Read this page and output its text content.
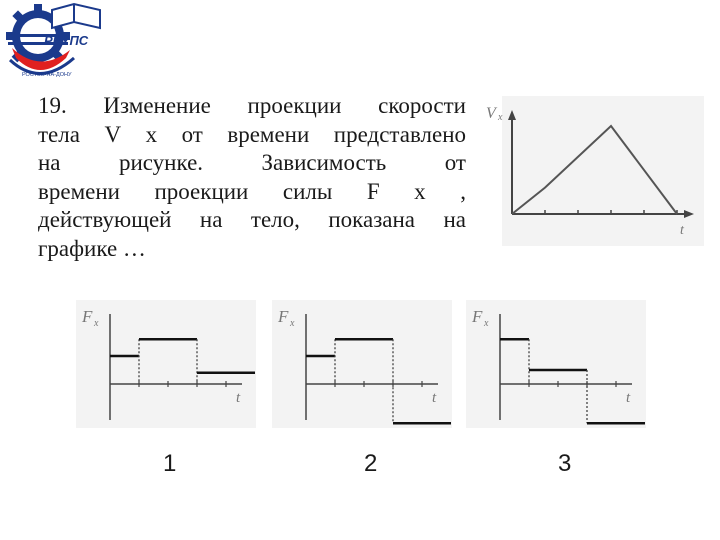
РГУПС
РОСТОВ-НА-ДОНУ
19. Изменение проекции скорости
тела V x от времени представлено
на	рисунке.	Зависимость	от
времени проекции силы F x ,
действующей на тело, показана на
графике …
V x
t
F x
t
F x
t
F x
t
1	2	3
